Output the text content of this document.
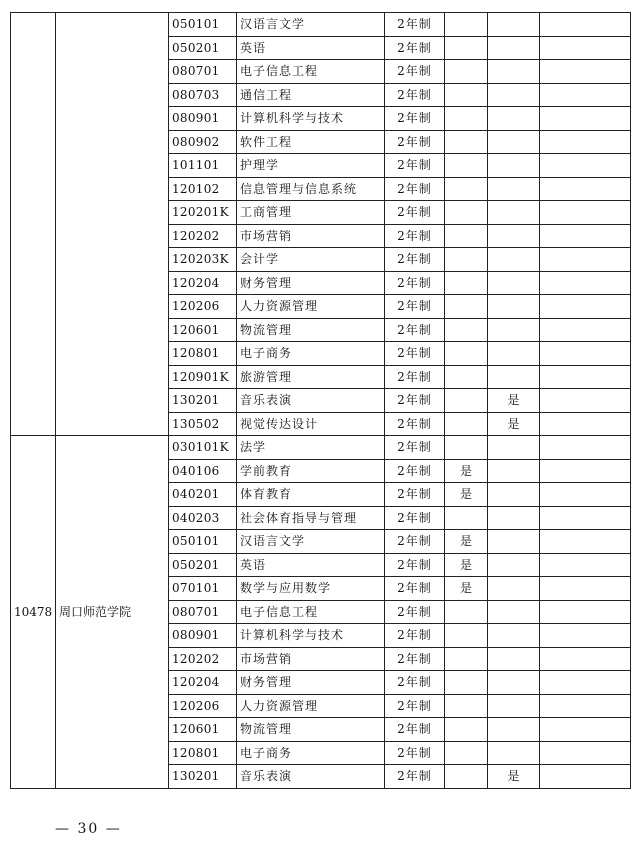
		050101	汉语言文学	2年制			
		050201	英语	2年制			
		080701	电子信息工程	2年制			
		080703	通信工程	2年制			
		080901	计算机科学与技术	2年制			
		080902	软件工程	2年制			
		101101	护理学	2年制			
		120102	信息管理与信息系统	2年制			
		120201K	工商管理	2年制			
		120202	市场营销	2年制			
		120203K	会计学	2年制			
		120204	财务管理	2年制			
		120206	人力资源管理	2年制			
		120601	物流管理	2年制			
		120801	电子商务	2年制			
		120901K	旅游管理	2年制			
		130201	音乐表演	2年制		是	
		130502	视觉传达设计	2年制		是	
10478	周口师范学院	030101K	法学	2年制			
		040106	学前教育	2年制	是		
		040201	体育教育	2年制	是		
		040203	社会体育指导与管理	2年制			
		050101	汉语言文学	2年制	是		
		050201	英语	2年制	是		
		070101	数学与应用数学	2年制	是		
		080701	电子信息工程	2年制			
		080901	计算机科学与技术	2年制			
		120202	市场营销	2年制			
		120204	财务管理	2年制			
		120206	人力资源管理	2年制			
		120601	物流管理	2年制			
		120801	电子商务	2年制			
		130201	音乐表演	2年制		是	
— 30 —
